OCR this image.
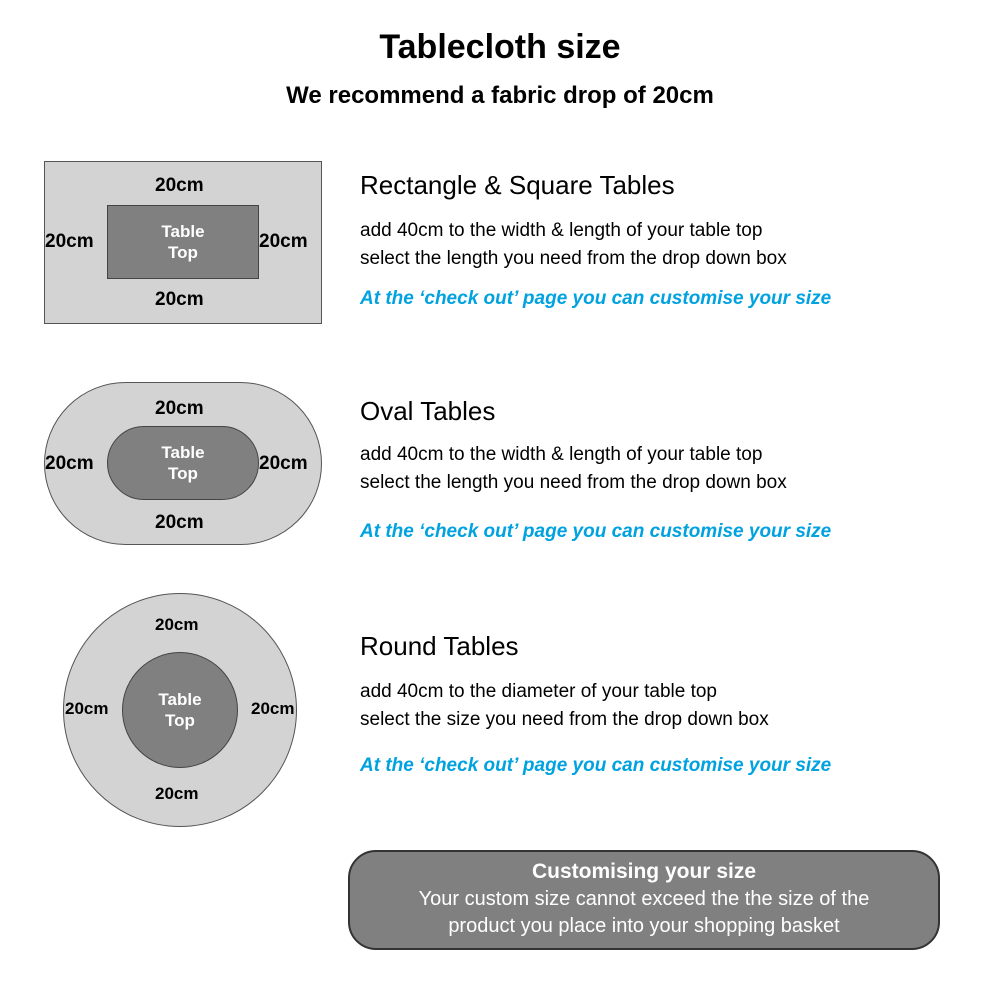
Tablecloth size
We recommend a fabric drop of 20cm
Table
Top
20cm
20cm	20cm
20cm
Rectangle & Square Tables
add 40cm to the width & length of your table top
select the length you need from the drop down box
At the ‘check out’ page you can customise your size
Table
Top
20cm
20cm	20cm
20cm
Oval Tables
add 40cm to the width & length of your table top
select the length you need from the drop down box
At the ‘check out’ page you can customise your size
Table
Top
20cm
20cm	20cm
20cm
Round Tables
add 40cm to the diameter of your table top
select the size you need from the drop down box
At the ‘check out’ page you can customise your size
Customising your size
Your custom size cannot exceed the the size of the
product you place into your shopping basket
